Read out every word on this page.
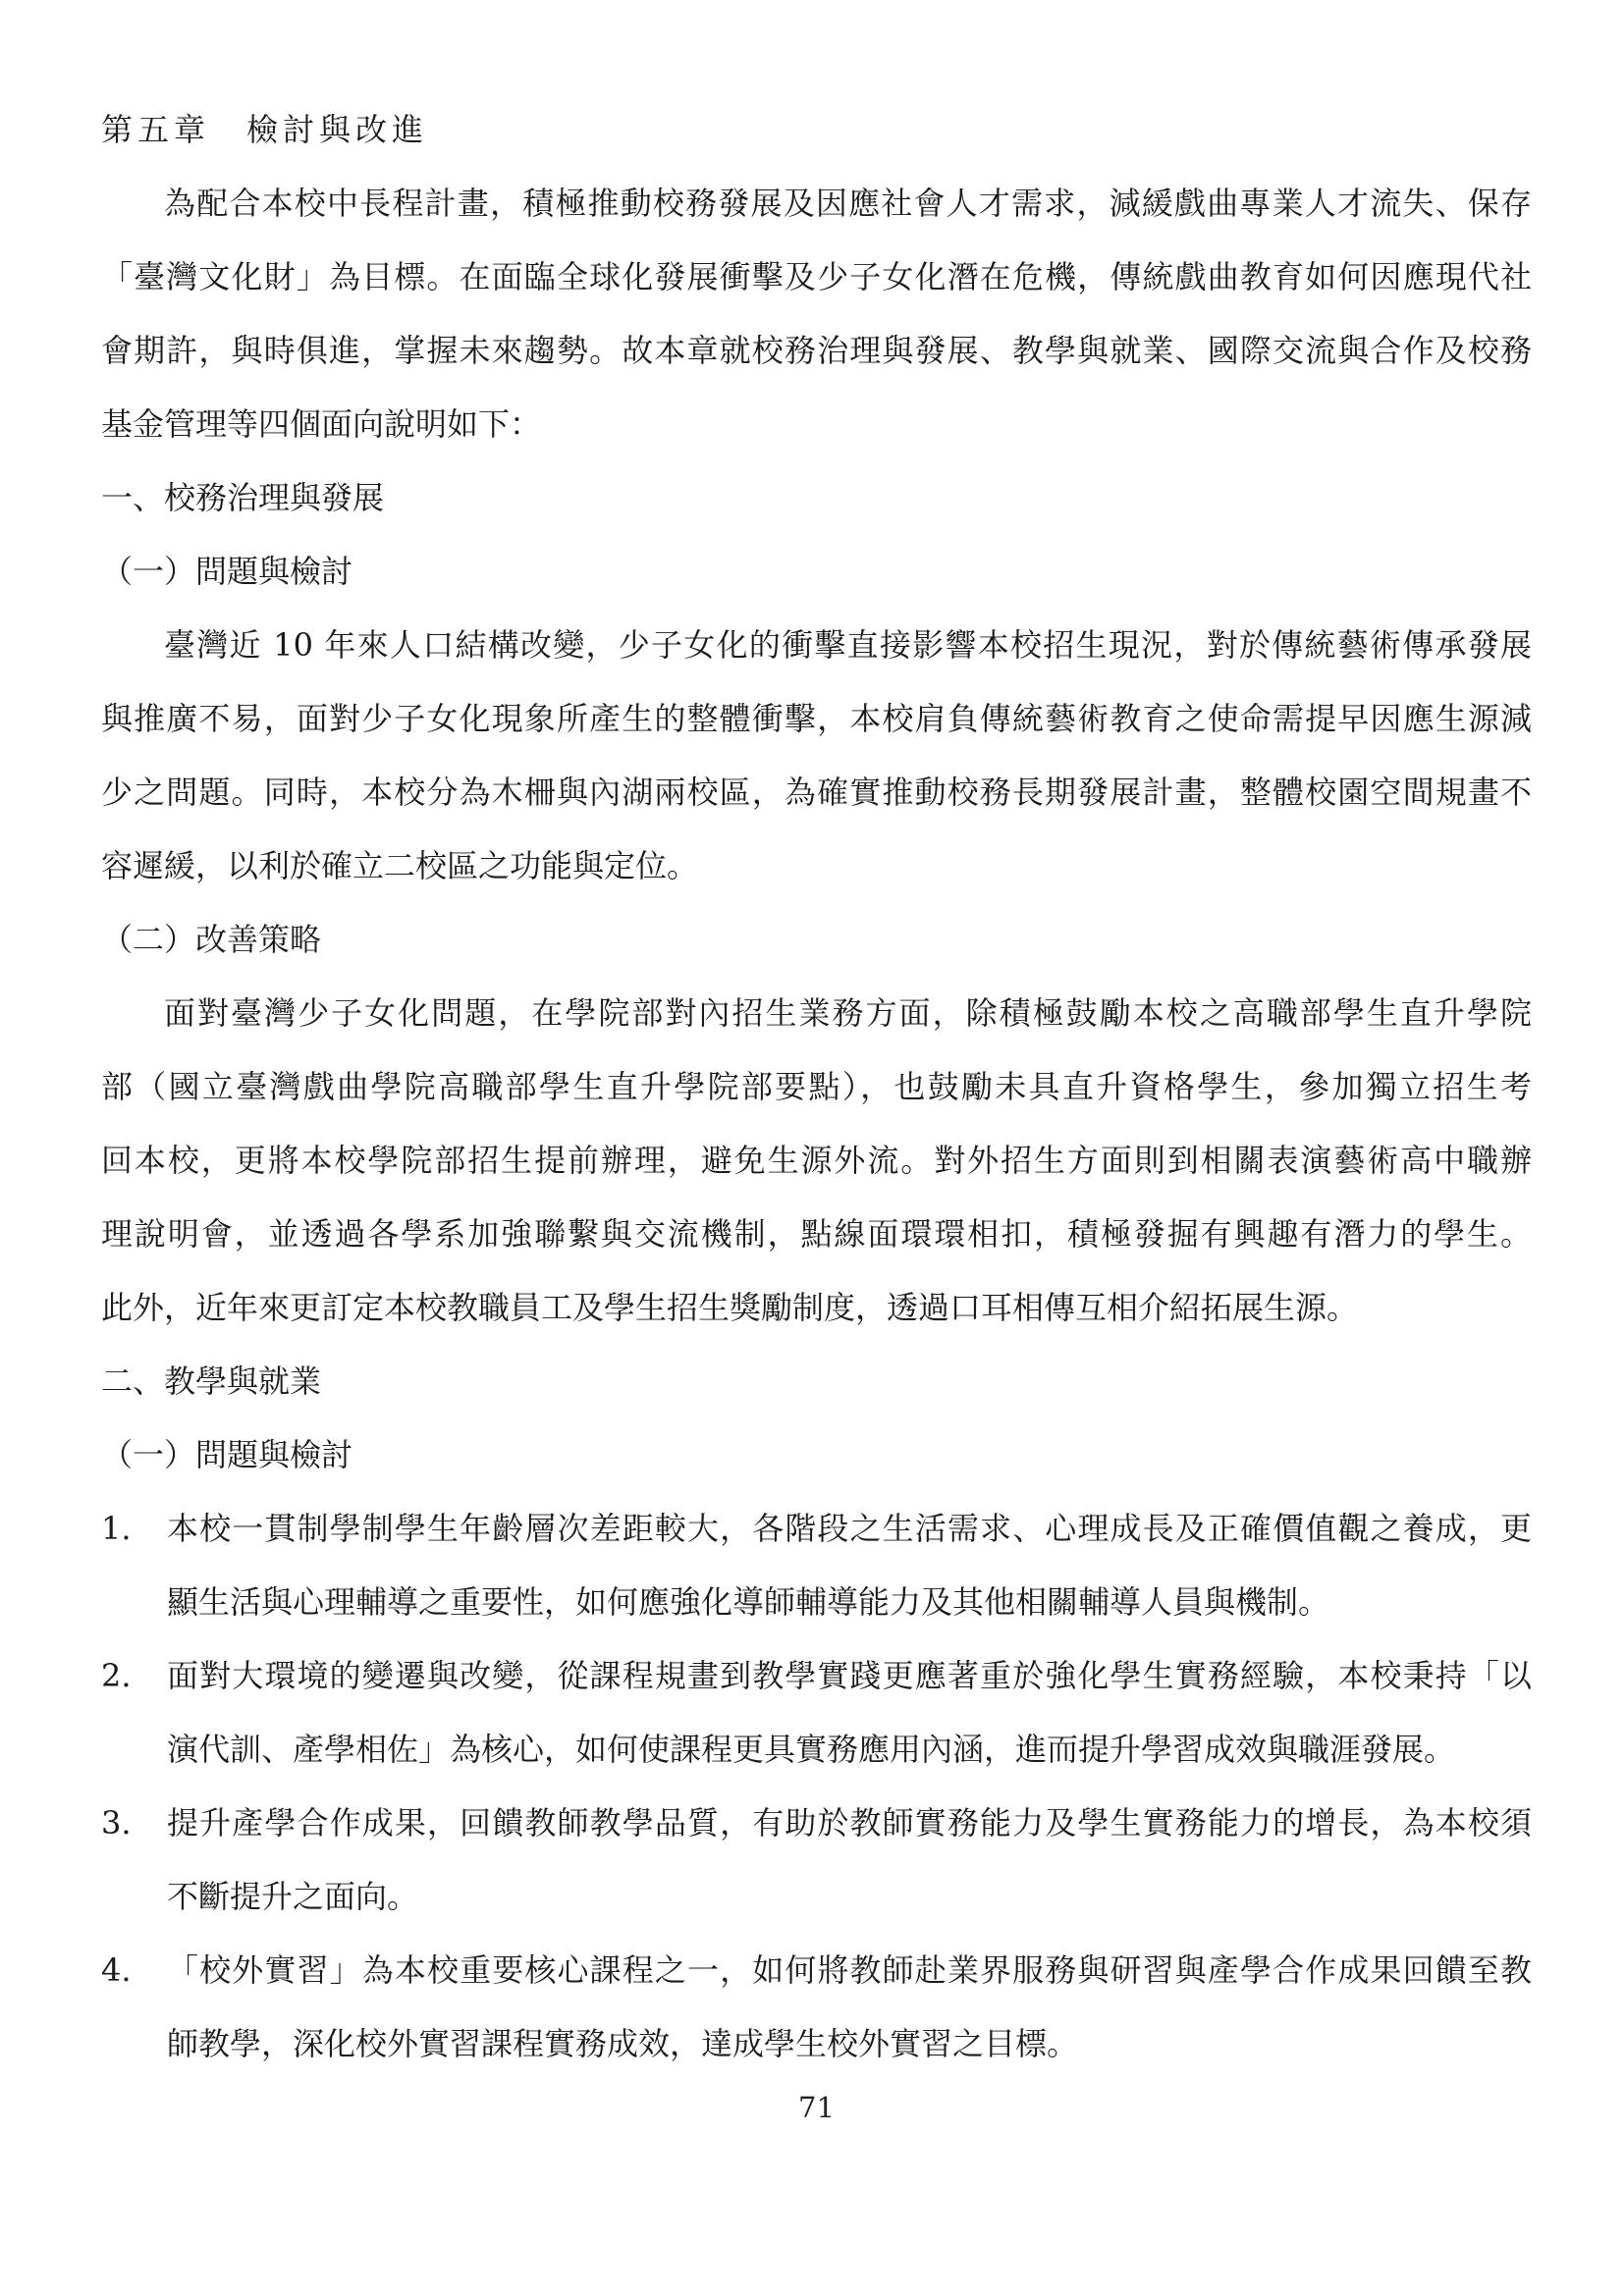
第五章　檢討與改進
為配合本校中長程計畫，積極推動校務發展及因應社會人才需求，減緩戲曲專業人才流失、保存
「臺灣文化財」為目標。在面臨全球化發展衝擊及少子女化潛在危機，傳統戲曲教育如何因應現代社
會期許，與時俱進，掌握未來趨勢。故本章就校務治理與發展、教學與就業、國際交流與合作及校務
基金管理等四個面向說明如下：
一、校務治理與發展
（一）問題與檢討
臺灣近 10 年來人口結構改變，少子女化的衝擊直接影響本校招生現況，對於傳統藝術傳承發展
與推廣不易，面對少子女化現象所產生的整體衝擊，本校肩負傳統藝術教育之使命需提早因應生源減
少之問題。同時，本校分為木柵與內湖兩校區，為確實推動校務長期發展計畫，整體校園空間規畫不
容遲緩，以利於確立二校區之功能與定位。
（二）改善策略
面對臺灣少子女化問題，在學院部對內招生業務方面，除積極鼓勵本校之高職部學生直升學院
部（國立臺灣戲曲學院高職部學生直升學院部要點），也鼓勵未具直升資格學生，參加獨立招生考
回本校，更將本校學院部招生提前辦理，避免生源外流。對外招生方面則到相關表演藝術高中職辦
理說明會，並透過各學系加強聯繫與交流機制，點線面環環相扣，積極發掘有興趣有潛力的學生。
此外，近年來更訂定本校教職員工及學生招生獎勵制度，透過口耳相傳互相介紹拓展生源。
二、教學與就業
（一）問題與檢討
1.	本校一貫制學制學生年齡層次差距較大，各階段之生活需求、心理成長及正確價值觀之養成，更
顯生活與心理輔導之重要性，如何應強化導師輔導能力及其他相關輔導人員與機制。
2.	面對大環境的變遷與改變，從課程規畫到教學實踐更應著重於強化學生實務經驗，本校秉持「以
演代訓、產學相佐」為核心，如何使課程更具實務應用內涵，進而提升學習成效與職涯發展。
3.	提升產學合作成果，回饋教師教學品質，有助於教師實務能力及學生實務能力的增長，為本校須
不斷提升之面向。
4.	「校外實習」為本校重要核心課程之一，如何將教師赴業界服務與研習與產學合作成果回饋至教
師教學，深化校外實習課程實務成效，達成學生校外實習之目標。
71
